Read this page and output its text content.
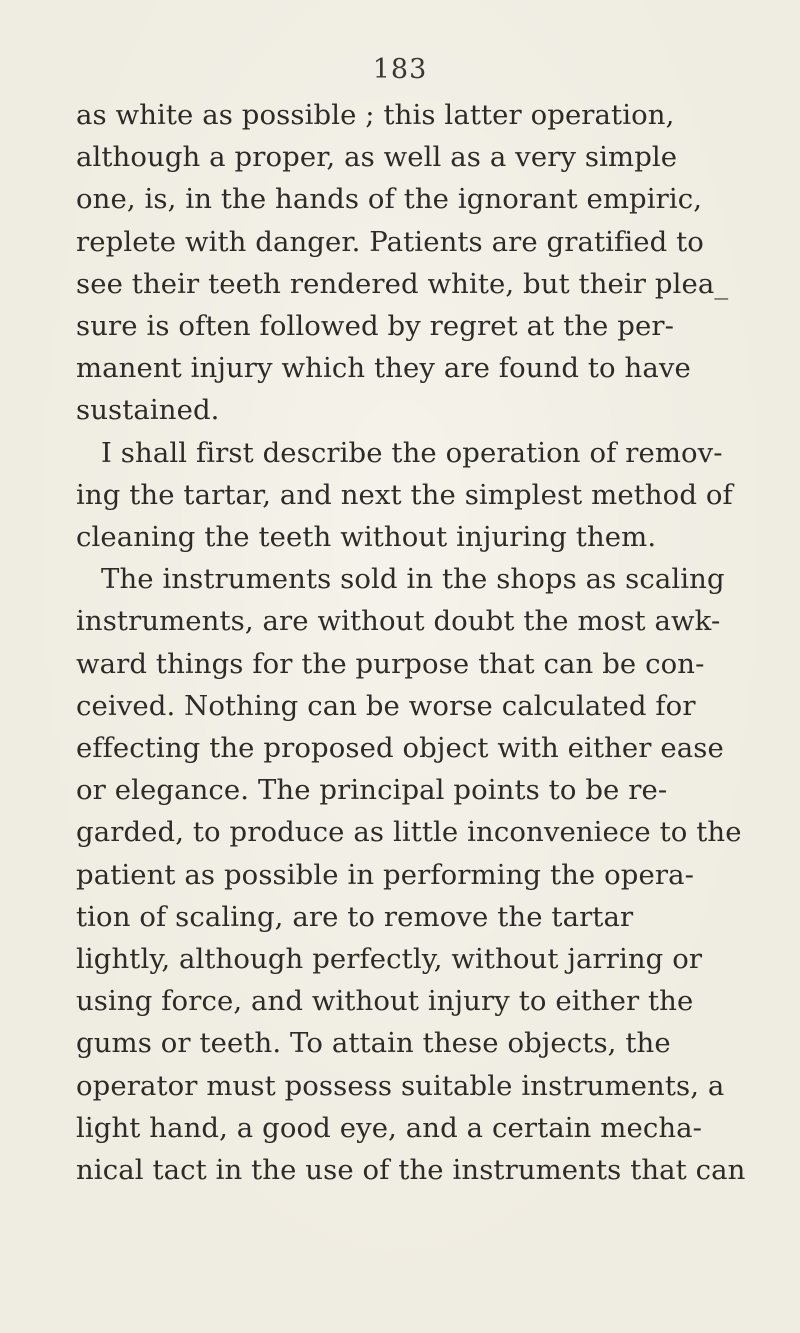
183
as white as possible ; this latter operation,
although a proper, as well as a very simple
one, is, in the hands of the ignorant empiric,
replete with danger. Patients are gratified to
see their teeth rendered white, but their plea_
sure is often followed by regret at the per-
manent injury which they are found to have
sustained.
I shall first describe the operation of remov-
ing the tartar, and next the simplest method of
cleaning the teeth without injuring them.
The instruments sold in the shops as scaling
instruments, are without doubt the most awk-
ward things for the purpose that can be con-
ceived. Nothing can be worse calculated for
effecting the proposed object with either ease
or elegance. The principal points to be re-
garded, to produce as little inconveniece to the
patient as possible in performing the opera-
tion of scaling, are to remove the tartar
lightly, although perfectly, without jarring or
using force, and without injury to either the
gums or teeth. To attain these objects, the
operator must possess suitable instruments, a
light hand, a good eye, and a certain mecha-
nical tact in the use of the instruments that can
